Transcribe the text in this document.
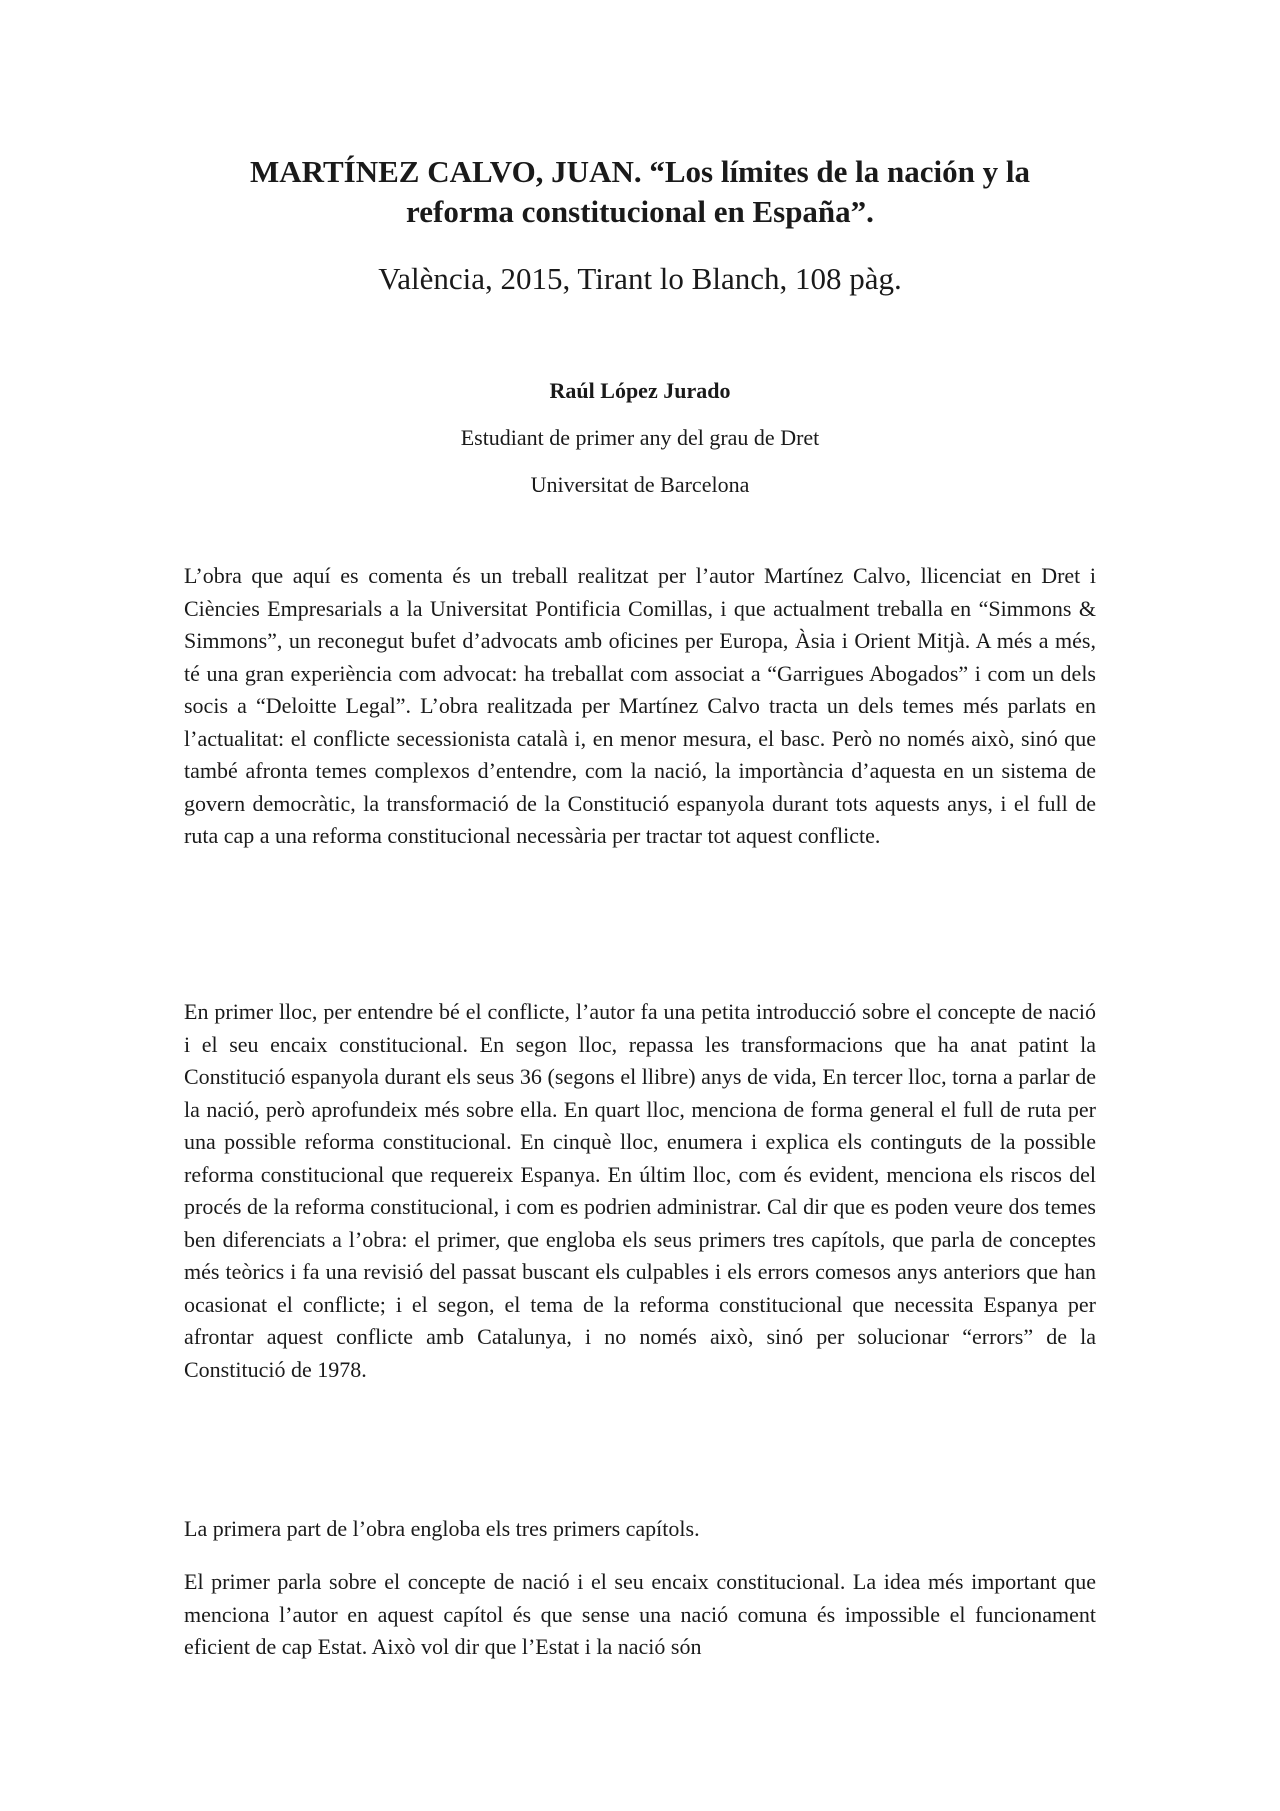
MARTÍNEZ CALVO, JUAN. “Los límites de la nación y la
reforma constitucional en España”.

València, 2015, Tirant lo Blanch, 108 pàg.

Raúl López Jurado

Estudiant de primer any del grau de Dret

Universitat de Barcelona

L’obra que aquí es comenta és un treball realitzat per l’autor Martínez Calvo, llicenciat en Dret i Ciències Empresarials a la Universitat Pontificia Comillas, i que actualment treballa en “Simmons & Simmons”, un reconegut bufet d’advocats amb oficines per Europa, Àsia i Orient Mitjà. A més a més, té una gran experiència com advocat: ha treballat com associat a “Garrigues Abogados” i com un dels socis a “Deloitte Legal”. L’obra realitzada per Martínez Calvo tracta un dels temes més parlats en l’actualitat: el conflicte secessionista català i, en menor mesura, el basc. Però no només això, sinó que també afronta temes complexos d’entendre, com la nació, la importància d’aquesta en un sistema de govern democràtic, la transformació de la Constitució espanyola durant tots aquests anys, i el full de ruta cap a una reforma constitucional necessària per tractar tot aquest conflicte.

En primer lloc, per entendre bé el conflicte, l’autor fa una petita introducció sobre el concepte de nació i el seu encaix constitucional. En segon lloc, repassa les transformacions que ha anat patint la Constitució espanyola durant els seus 36 (segons el llibre) anys de vida, En tercer lloc, torna a parlar de la nació, però aprofundeix més sobre ella. En quart lloc, menciona de forma general el full de ruta per una possible reforma constitucional. En cinquè lloc, enumera i explica els continguts de la possible reforma constitucional que requereix Espanya. En últim lloc, com és evident, menciona els riscos del procés de la reforma constitucional, i com es podrien administrar. Cal dir que es poden veure dos temes ben diferenciats a l’obra: el primer, que engloba els seus primers tres capítols, que parla de conceptes més teòrics i fa una revisió del passat buscant els culpables i els errors comesos anys anteriors que han ocasionat el conflicte; i el segon, el tema de la reforma constitucional que necessita Espanya per afrontar aquest conflicte amb Catalunya, i no només això, sinó per solucionar “errors” de la Constitució de 1978.

La primera part de l’obra engloba els tres primers capítols.

El primer parla sobre el concepte de nació i el seu encaix constitucional. La idea més important que menciona l’autor en aquest capítol és que sense una nació comuna és impossible el funcionament eficient de cap Estat. Això vol dir que l’Estat i la nació són
